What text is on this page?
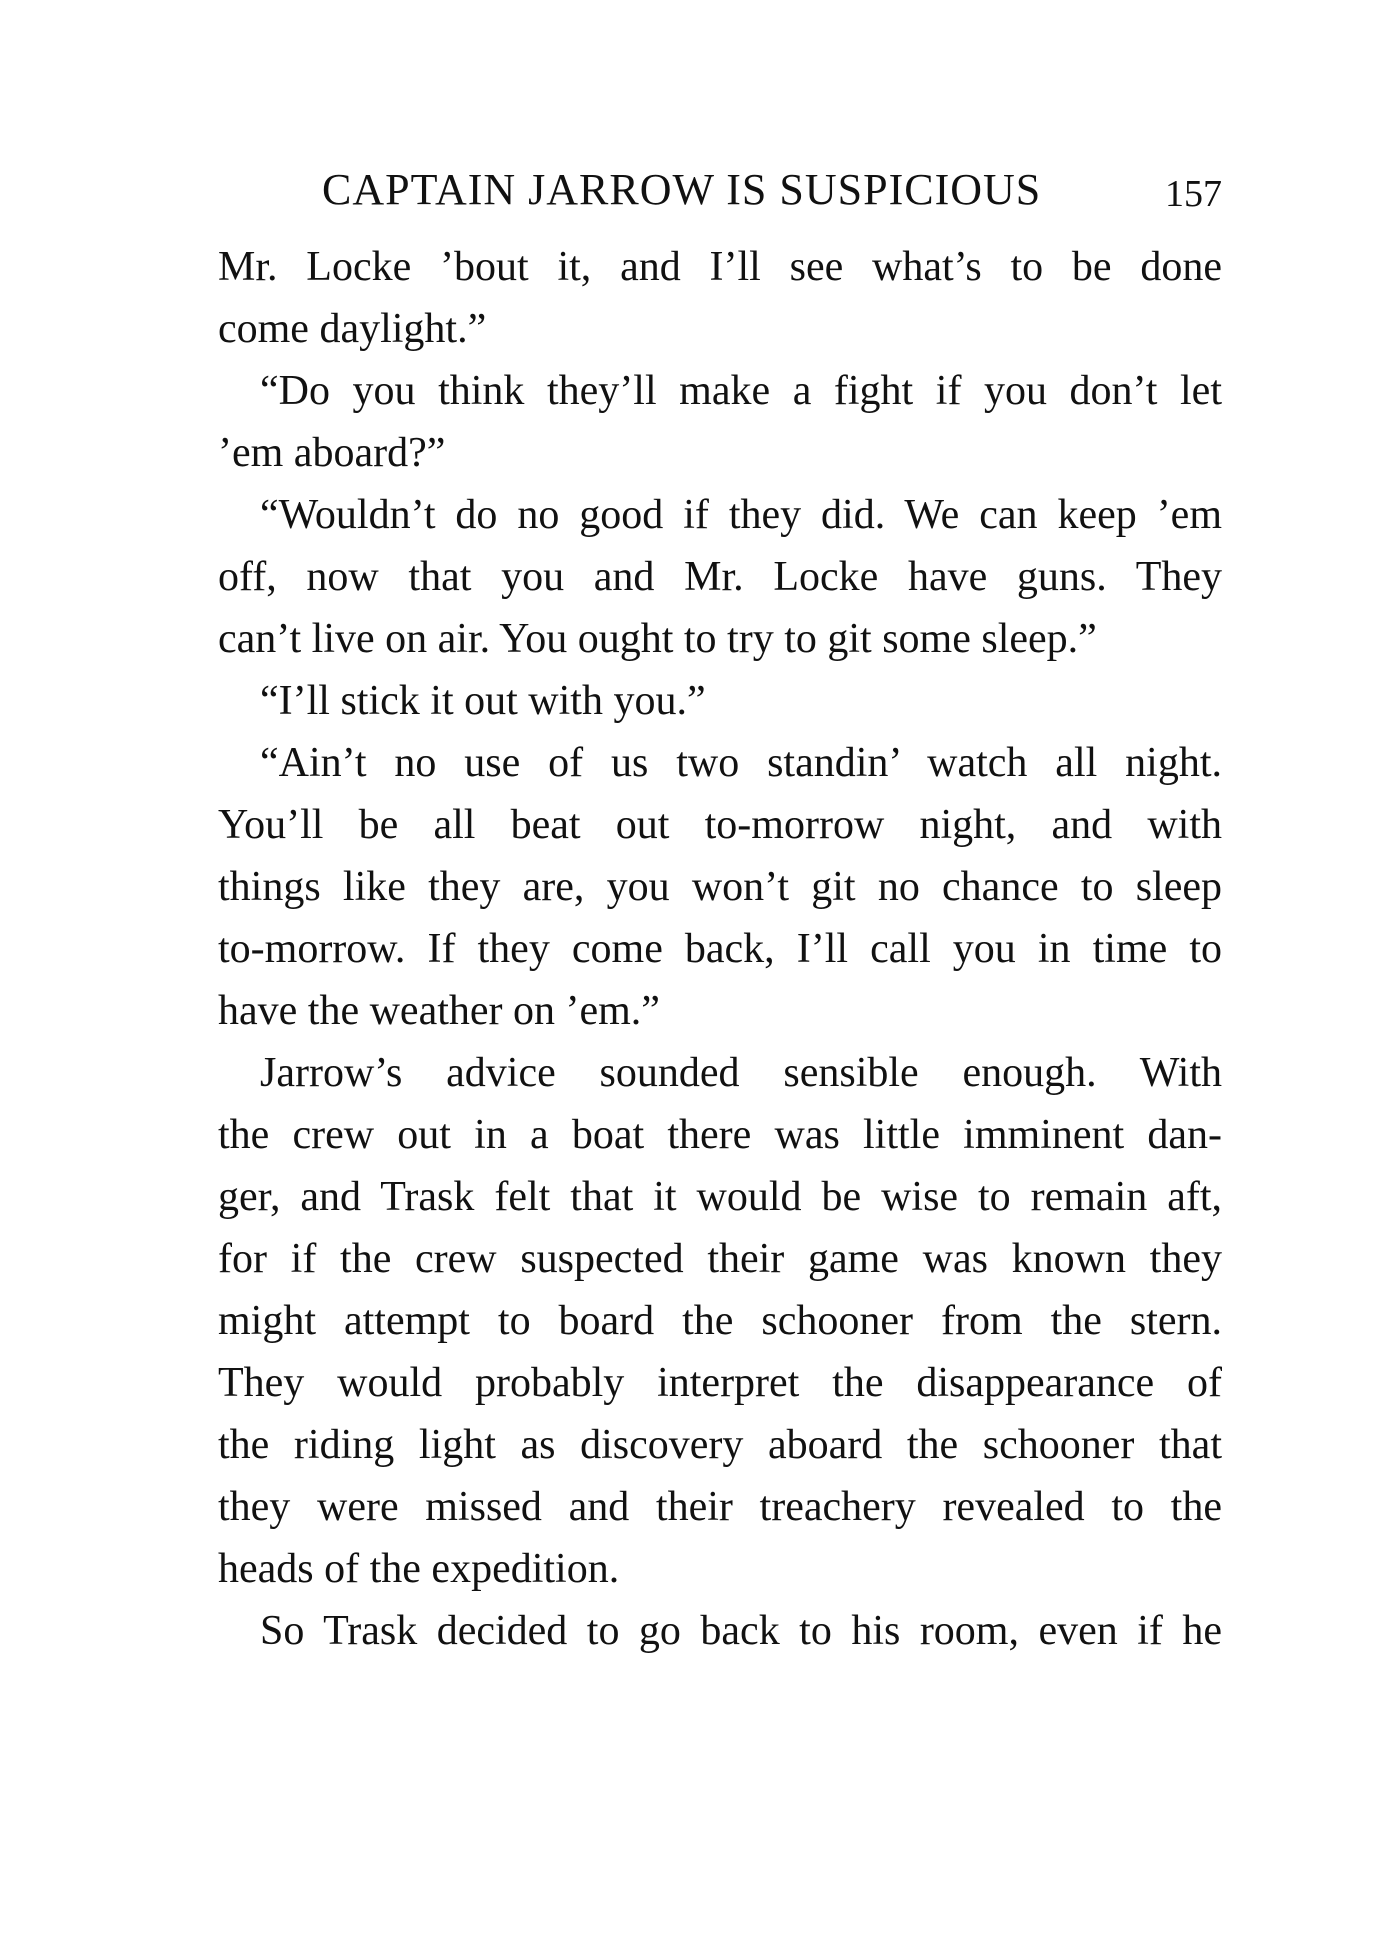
CAPTAIN JARROW IS SUSPICIOUS	157

Mr. Locke ’bout it, and I’ll see what’s to be done
come daylight.”

“Do you think they’ll make a fight if you don’t let
’em aboard?”

“Wouldn’t do no good if they did. We can keep ’em
off, now that you and Mr. Locke have guns. They
can’t live on air. You ought to try to git some sleep.”

“I’ll stick it out with you.”

“Ain’t no use of us two standin’ watch all night.
You’ll be all beat out to-morrow night, and with
things like they are, you won’t git no chance to sleep
to-morrow. If they come back, I’ll call you in time to
have the weather on ’em.”

Jarrow’s advice sounded sensible enough. With
the crew out in a boat there was little imminent dan-
ger, and Trask felt that it would be wise to remain aft,
for if the crew suspected their game was known they
might attempt to board the schooner from the stern.
They would probably interpret the disappearance of
the riding light as discovery aboard the schooner that
they were missed and their treachery revealed to the
heads of the expedition.

So Trask decided to go back to his room, even if he
